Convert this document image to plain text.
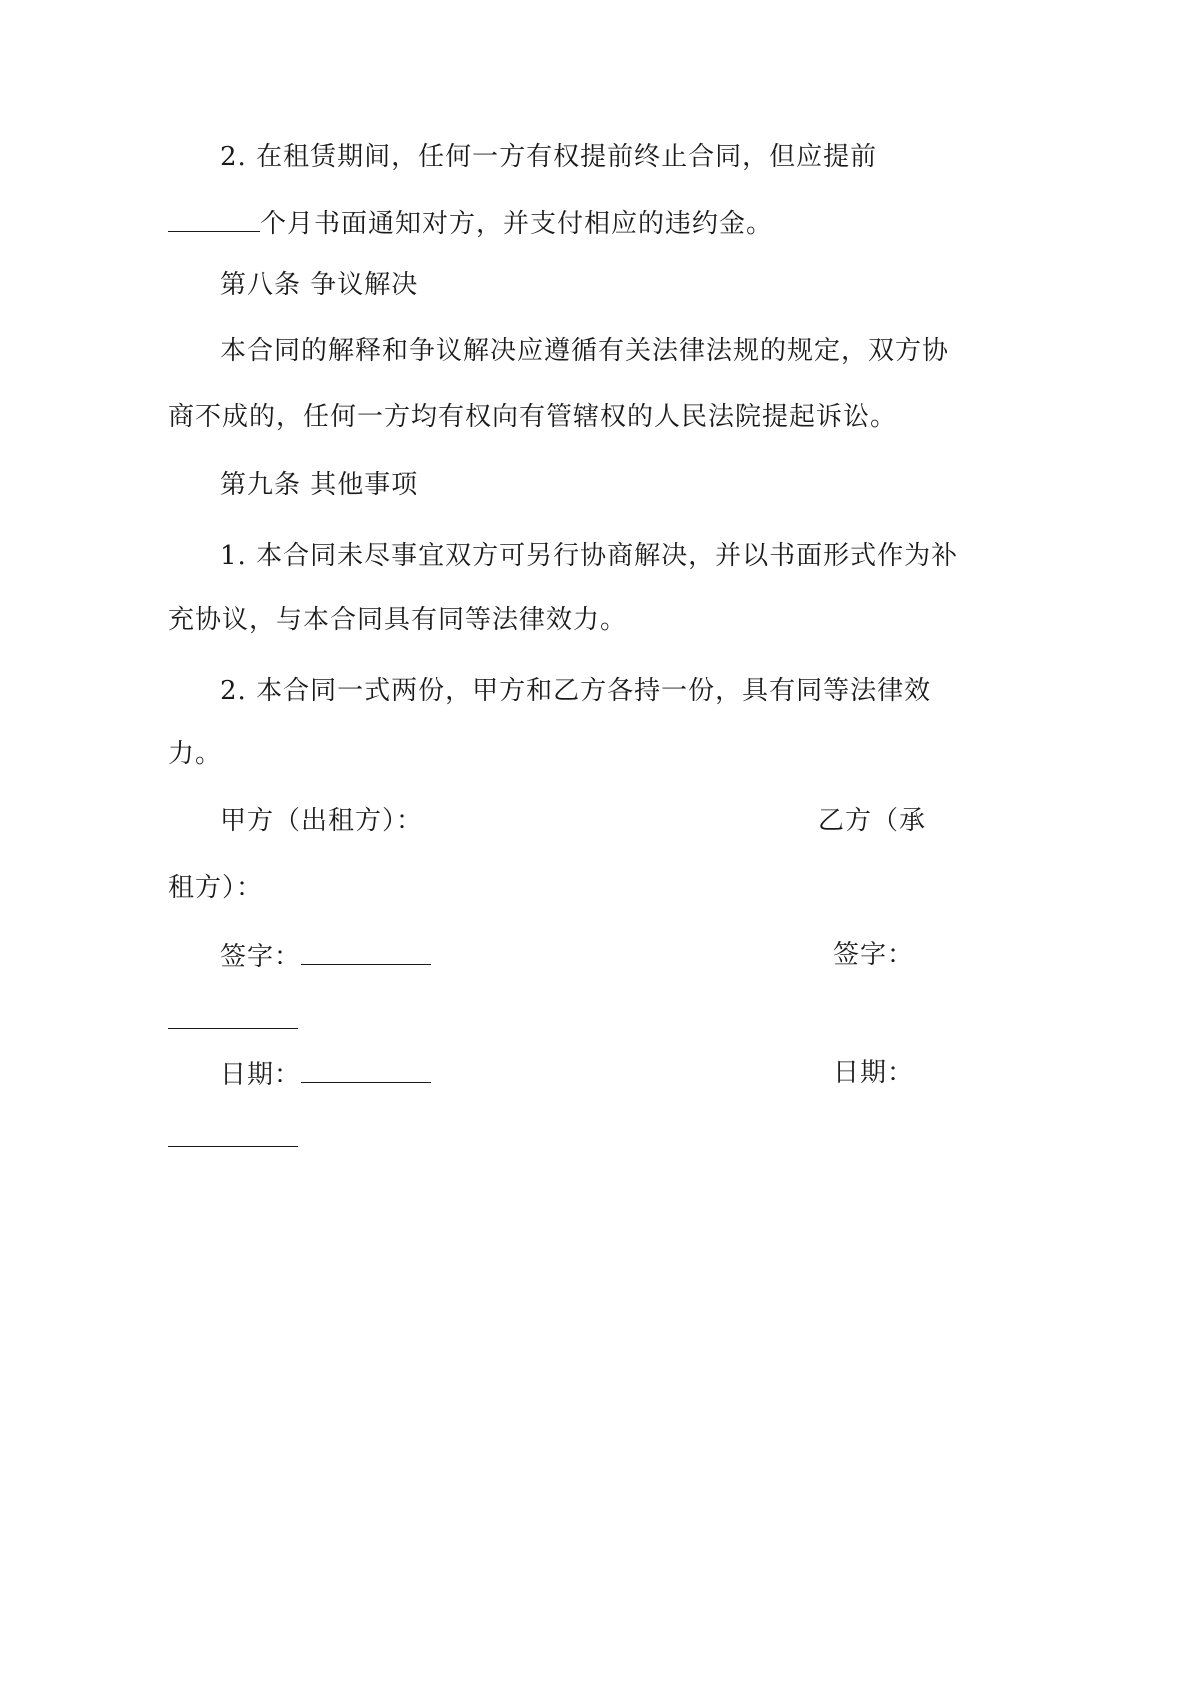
2. 在租赁期间，任何一方有权提前终止合同，但应提前
个月书面通知对方，并支付相应的违约金。
第八条 争议解决
本合同的解释和争议解决应遵循有关法律法规的规定，双方协
商不成的，任何一方均有权向有管辖权的人民法院提起诉讼。
第九条 其他事项
1. 本合同未尽事宜双方可另行协商解决，并以书面形式作为补
充协议，与本合同具有同等法律效力。
2. 本合同一式两份，甲方和乙方各持一份，具有同等法律效
力。
甲方（出租方）：	乙方（承
租方）：
签字：	签字：
日期：	日期：
